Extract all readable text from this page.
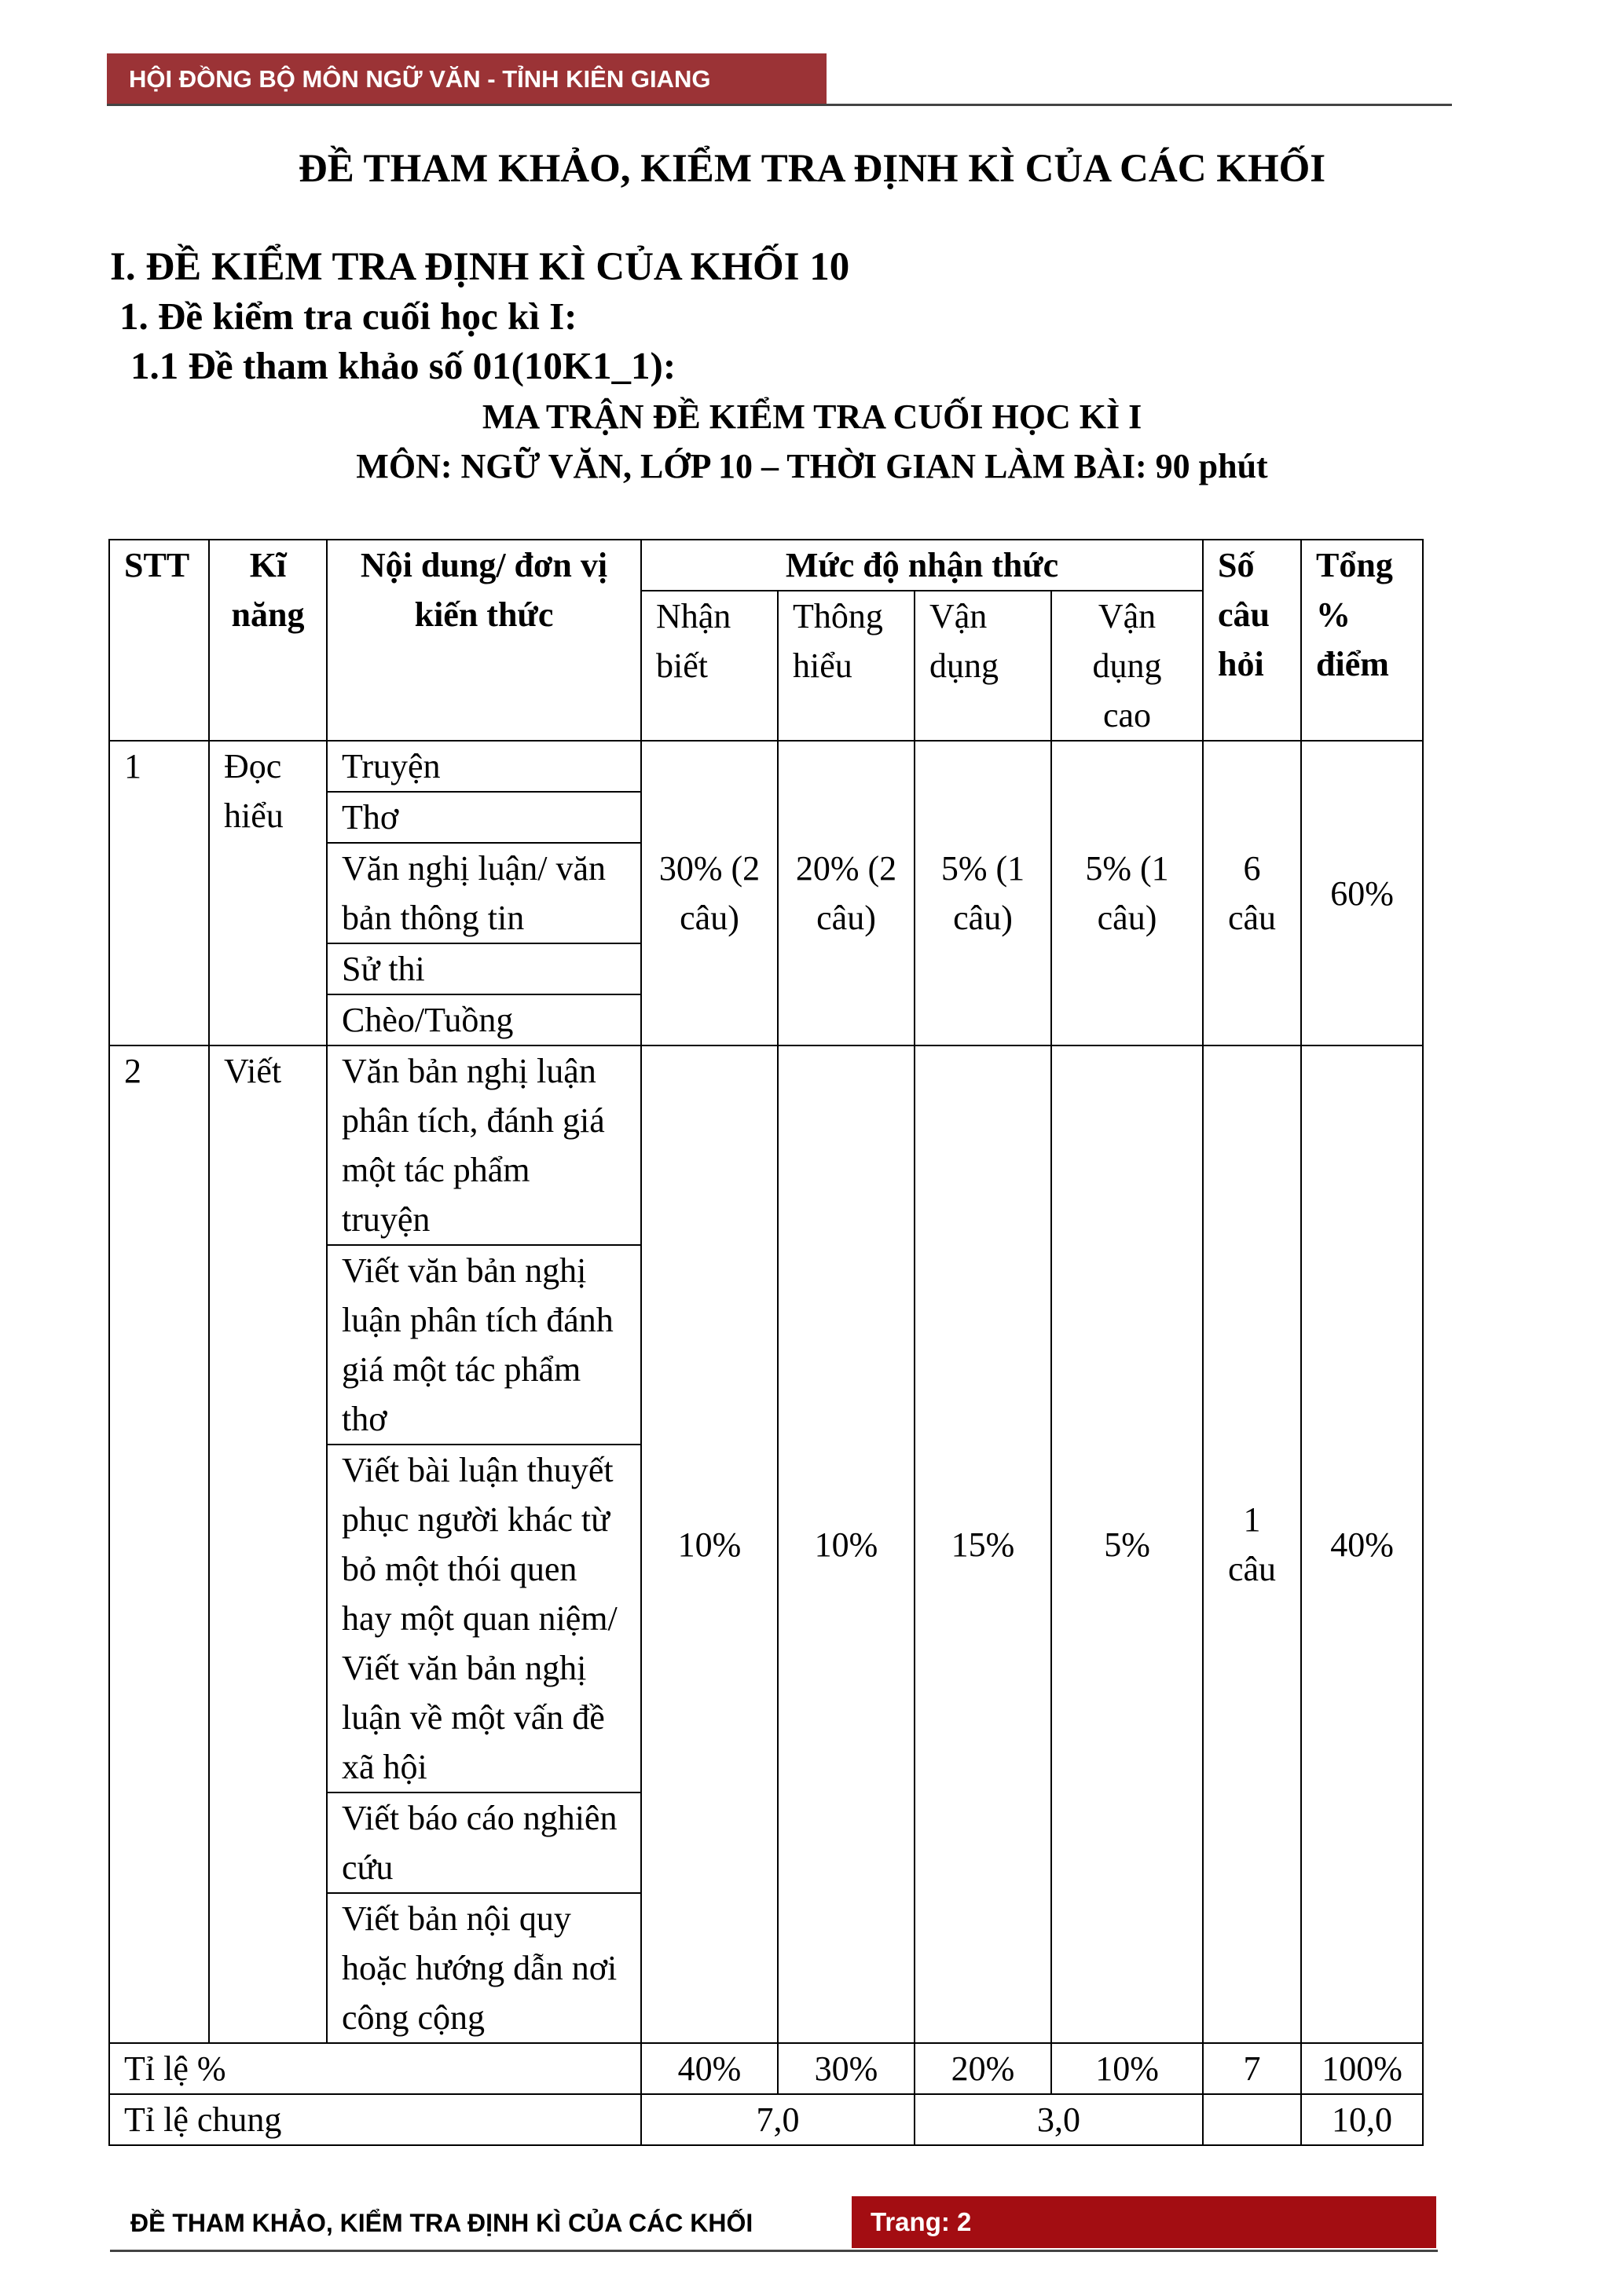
HỘI ĐỒNG BỘ MÔN NGỮ VĂN - TỈNH KIÊN GIANG
ĐỀ THAM KHẢO, KIỂM TRA ĐỊNH KÌ CỦA CÁC KHỐI
I. ĐỀ KIỂM TRA ĐỊNH KÌ CỦA KHỐI 10
1. Đề kiểm tra cuối học kì I:
1.1 Đề tham khảo số 01(10K1_1):
MA TRẬN ĐỀ KIỂM TRA CUỐI HỌC KÌ I
MÔN: NGỮ VĂN, LỚP 10 – THỜI GIAN LÀM BÀI: 90 phút
STT	Kĩ năng	Nội dung/ đơn vị kiến thức	Mức độ nhận thức				Số câu hỏi	Tổng % điểm
			Nhận biết	Thông hiểu	Vận dụng	Vận dụng cao		
1	Đọc hiểu	Truyện	30% (2 câu)	20% (2 câu)	5% (1 câu)	5% (1 câu)	6 câu	60%
		Thơ						
		Văn nghị luận/ văn bản thông tin						
		Sử thi						
		Chèo/Tuồng						

2	Viết	Văn bản nghị luận phân tích, đánh giá một tác phẩm truyện	10%	10%	15%	5%	1 câu	40%
		Viết văn bản nghị luận phân tích đánh giá một tác phẩm thơ						
		Viết bài luận thuyết phục người khác từ bỏ một thói quen hay một quan niệm/ Viết văn bản nghị luận về một vấn đề xã hội						
		Viết báo cáo nghiên cứu						
		Viết bản nội quy hoặc hướng dẫn nơi công cộng						
Tỉ lệ %			40%	30%	20%	10%	7	100%
Tỉ lệ chung			7,0		3,0			10,0
ĐỀ THAM KHẢO, KIỂM TRA ĐỊNH KÌ CỦA CÁC KHỐI	Trang: 2
